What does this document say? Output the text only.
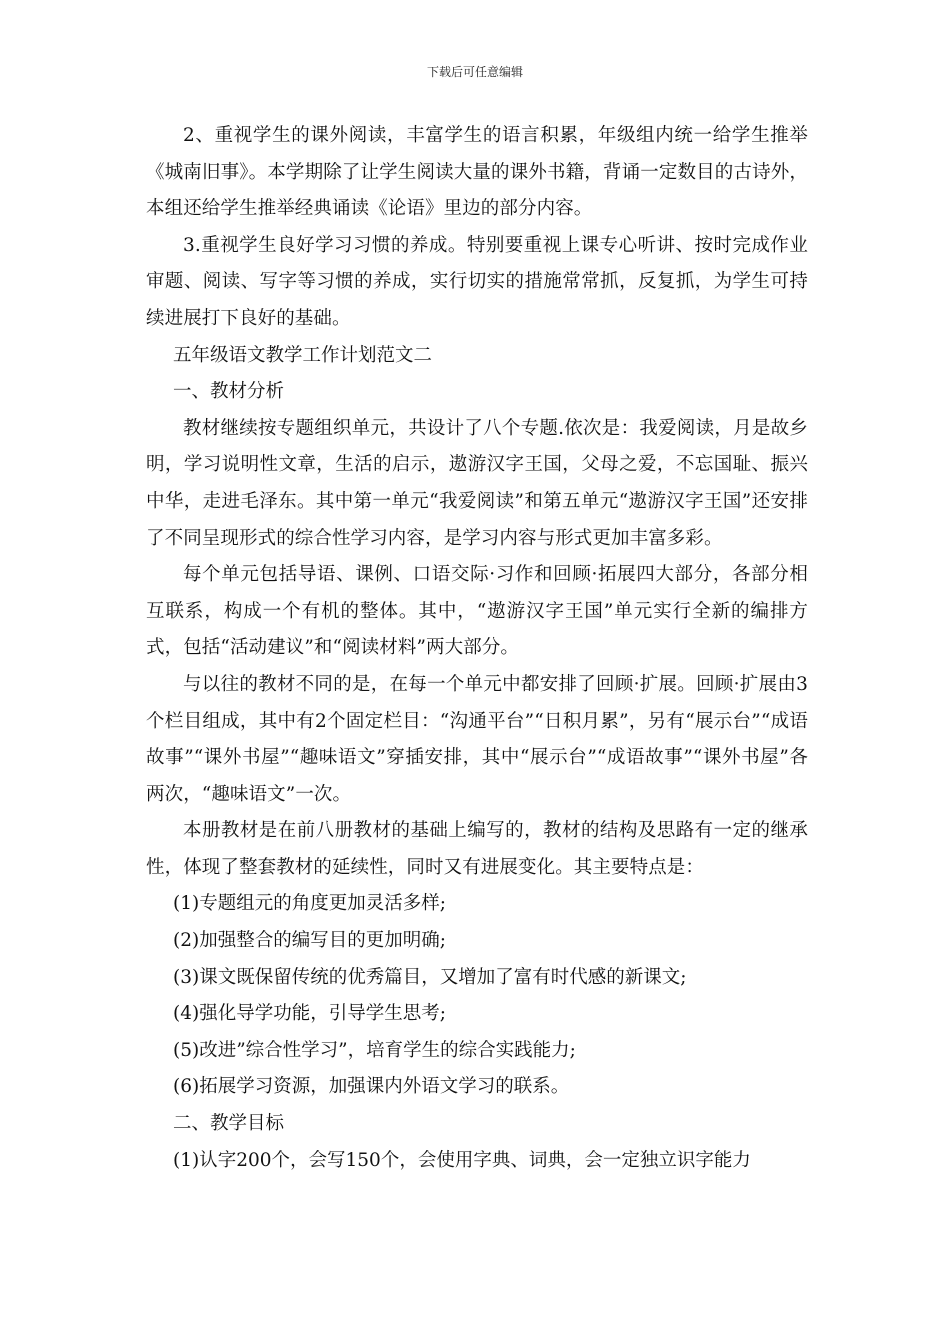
下载后可任意编辑

2、重视学生的课外阅读，丰富学生的语言积累，年级组内统一给学生推举《城南旧事》。本学期除了让学生阅读大量的课外书籍，背诵一定数目的古诗外，本组还给学生推举经典诵读《论语》里边的部分内容。

3.重视学生良好学习习惯的养成。特别要重视上课专心听讲、按时完成作业审题、阅读、写字等习惯的养成，实行切实的措施常常抓，反复抓，为学生可持续进展打下良好的基础。

五年级语文教学工作计划范文二

一、教材分析

教材继续按专题组织单元，共设计了八个专题.依次是：我爱阅读，月是故乡明，学习说明性文章，生活的启示，遨游汉字王国，父母之爱，不忘国耻、振兴中华，走进毛泽东。其中第一单元“我爱阅读”和第五单元“遨游汉字王国”还安排了不同呈现形式的综合性学习内容，是学习内容与形式更加丰富多彩。

每个单元包括导语、课例、口语交际·习作和回顾·拓展四大部分，各部分相互联系，构成一个有机的整体。其中，“遨游汉字王国”单元实行全新的编排方式，包括“活动建议”和“阅读材料”两大部分。

与以往的教材不同的是，在每一个单元中都安排了回顾·扩展。回顾·扩展由3个栏目组成，其中有2个固定栏目：“沟通平台”“日积月累”，另有“展示台”“成语故事”“课外书屋”“趣味语文”穿插安排，其中“展示台”“成语故事”“课外书屋”各两次，“趣味语文”一次。

本册教材是在前八册教材的基础上编写的，教材的结构及思路有一定的继承性，体现了整套教材的延续性，同时又有进展变化。其主要特点是：

(1)专题组元的角度更加灵活多样;

(2)加强整合的编写目的更加明确;

(3)课文既保留传统的优秀篇目，又增加了富有时代感的新课文;

(4)强化导学功能，引导学生思考;

(5)改进”综合性学习”，培育学生的综合实践能力;

(6)拓展学习资源，加强课内外语文学习的联系。

二、教学目标

(1)认字200个，会写150个，会使用字典、词典，会一定独立识字能力
